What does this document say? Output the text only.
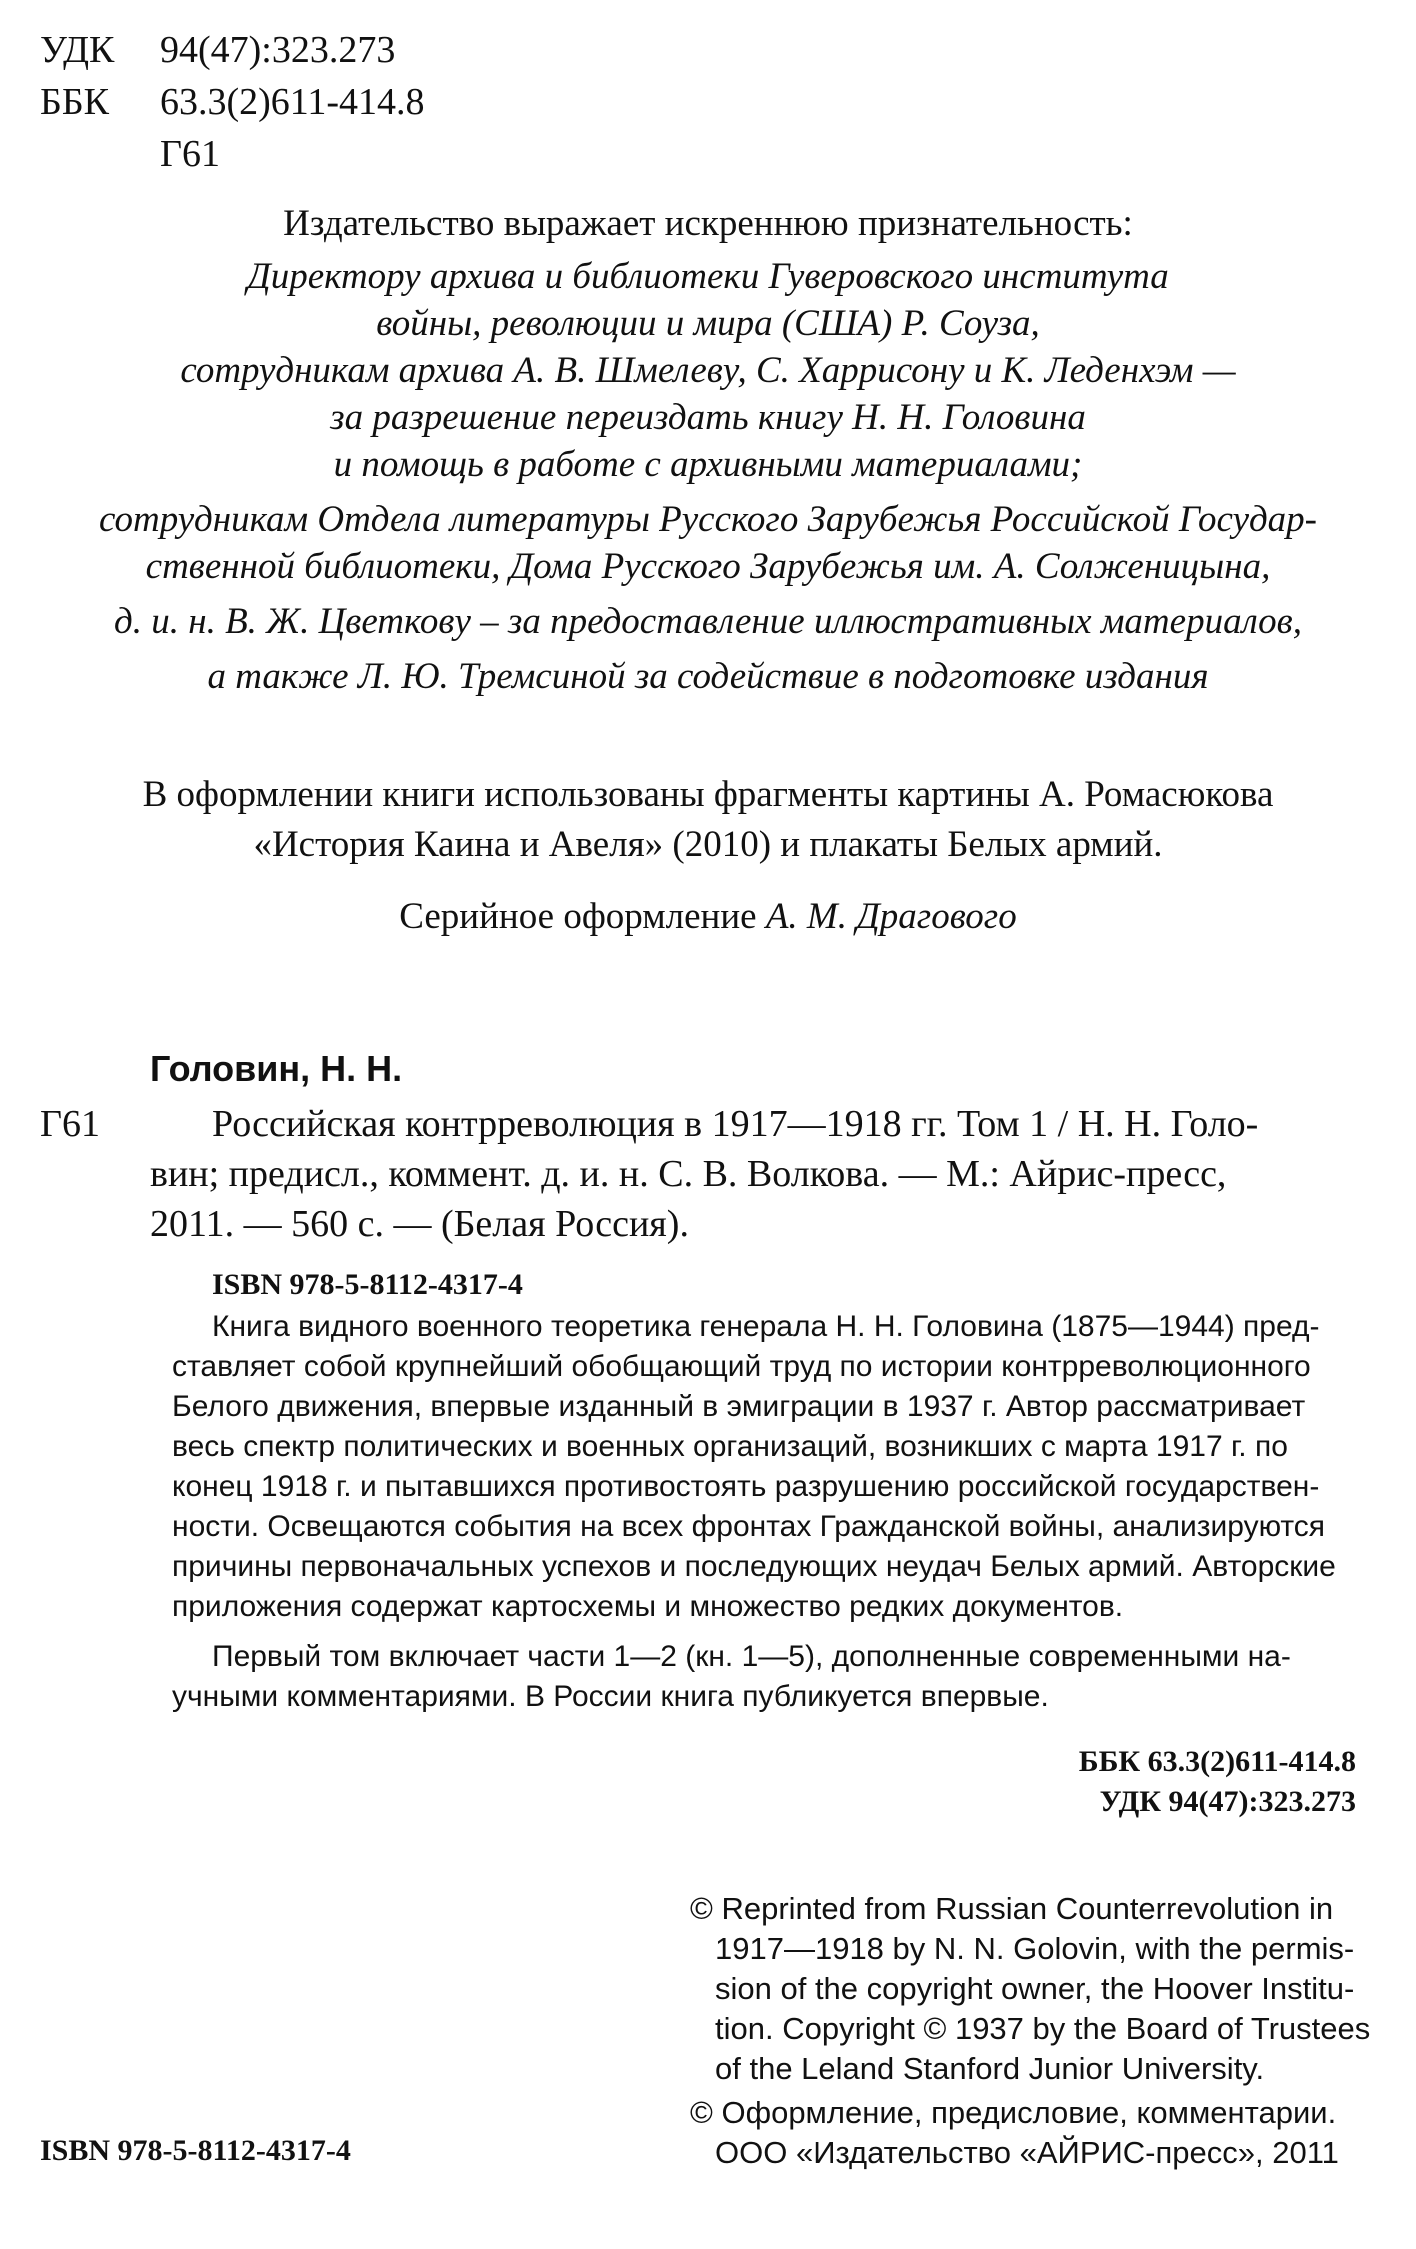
УДК 94(47):323.273
ББК 63.3(2)611-414.8
Г61
Издательство выражает искреннюю признательность:
Директору архива и библиотеки Гуверовского института
войны, революции и мира (США) Р. Соуза,
сотрудникам архива А. В. Шмелеву, С. Харрисону и К. Леденхэм —
за разрешение переиздать книгу Н. Н. Головина
и помощь в работе с архивными материалами;
сотрудникам Отдела литературы Русского Зарубежья Российской Государ-
ственной библиотеки, Дома Русского Зарубежья им. А. Солженицына,
д. и. н. В. Ж. Цветкову – за предоставление иллюстративных материалов,
а также Л. Ю. Тремсиной за содействие в подготовке издания
В оформлении книги использованы фрагменты картины А. Ромасюкова
«История Каина и Авеля» (2010) и плакаты Белых армий.
Серийное оформление А. М. Драгового
Головин, Н. Н.
Г61	Российская контрреволюция в 1917—1918 гг. Том 1 / Н. Н. Голо-
вин; предисл., коммент. д. и. н. С. В. Волкова. — М.: Айрис-пресс,
2011. — 560 с. — (Белая Россия).
ISBN 978-5-8112-4317-4
Книга видного военного теоретика генерала Н. Н. Головина (1875—1944) пред-
ставляет собой крупнейший обобщающий труд по истории контрреволюционного
Белого движения, впервые изданный в эмиграции в 1937 г. Автор рассматривает
весь спектр политических и военных организаций, возникших с марта 1917 г. по
конец 1918 г. и пытавшихся противостоять разрушению российской государствен-
ности. Освещаются события на всех фронтах Гражданской войны, анализируются
причины первоначальных успехов и последующих неудач Белых армий. Авторские
приложения содержат картосхемы и множество редких документов.
Первый том включает части 1—2 (кн. 1—5), дополненные современными на-
учными комментариями. В России книга публикуется впервые.
ББК 63.3(2)611-414.8
УДК 94(47):323.273
© Reprinted from Russian Counterrevolution in
1917—1918 by N. N. Golovin, with the permis-
sion of the copyright owner, the Hoover Institu-
tion. Copyright © 1937 by the Board of Trustees
of the Leland Stanford Junior University.
© Оформление, предисловие, комментарии.
ООО «Издательство «АЙРИС-пресс», 2011
ISBN 978-5-8112-4317-4
